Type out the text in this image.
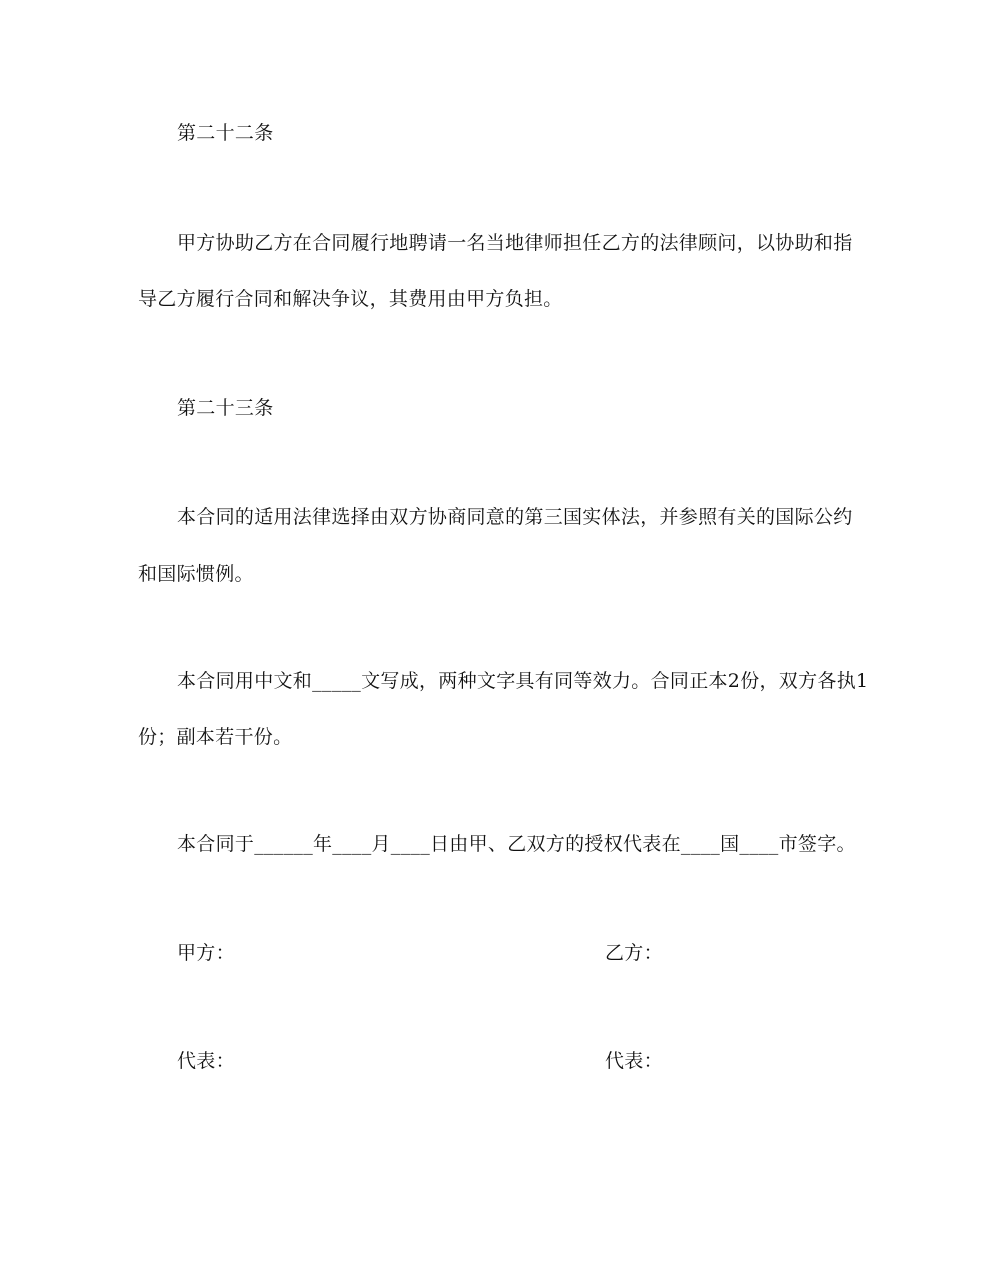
第二十二条
甲方协助乙方在合同履行地聘请一名当地律师担任乙方的法律顾问，以协助和指
导乙方履行合同和解决争议，其费用由甲方负担。
第二十三条
本合同的适用法律选择由双方协商同意的第三国实体法，并参照有关的国际公约
和国际惯例。
本合同用中文和_____文写成，两种文字具有同等效力。合同正本2份，双方各执1
份；副本若干份。
本合同于______年____月____日由甲、乙双方的授权代表在____国____市签字。
甲方：	乙方：
代表：	代表：
